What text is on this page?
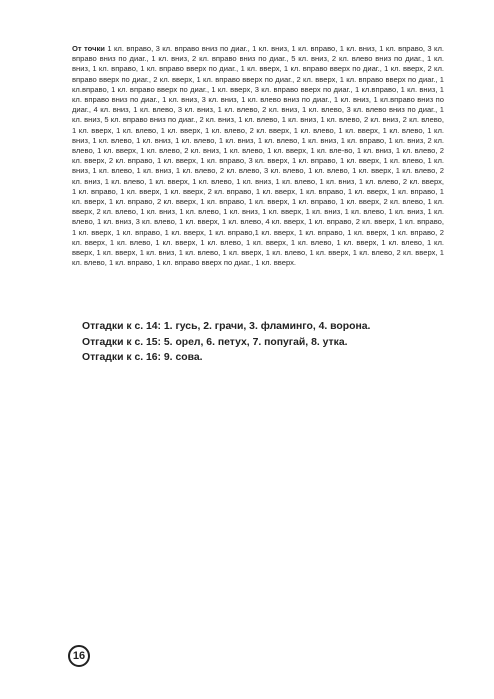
От точки 1 кл. вправо, 3 кл. вправо вниз по диаг., 1 кл. вниз, 1 кл. вправо, 1 кл. вниз, 1 кл. вправо, 3 кл. вправо вниз по диаг., 1 кл. вниз, 2 кл. вправо вниз по диаг., 5 кл. вниз, 2 кл. влево вниз по диаг., 1 кл. вниз, 1 кл. вправо, 1 кл. вправо вверх по диаг., 1 кл. вверх, 1 кл. вправо вверх по диаг., 1 кл. вверх, 2 кл. вправо вверх по диаг., 2 кл. вверх, 1 кл. вправо вверх по диаг., 2 кл. вверх, 1 кл. вправо вверх по диаг., 1 кл.вправо, 1 кл. вправо вверх по диаг., 1 кл. вверх, 3 кл. вправо вверх по диаг., 1 кл.вправо, 1 кл. вниз, 1 кл. вправо вниз по диаг., 1 кл. вниз, 3 кл. вниз, 1 кл. влево вниз по диаг., 1 кл. вниз, 1 кл.вправо вниз по диаг., 4 кл. вниз, 1 кл. влево, 3 кл. вниз, 1 кл. влево, 2 кл. вниз, 1 кл. влево, 3 кл. влево вниз по диаг., 1 кл. вниз, 5 кл. вправо вниз по диаг., 2 кл. вниз, 1 кл. влево, 1 кл. вниз, 1 кл. влево, 2 кл. вниз, 2 кл. влево, 1 кл. вверх, 1 кл. влево, 1 кл. вверх, 1 кл. влево, 2 кл. вверх, 1 кл. влево, 1 кл. вверх, 1 кл. влево, 1 кл. вниз, 1 кл. влево, 1 кл. вниз, 1 кл. влево, 1 кл. вниз, 1 кл. влево, 1 кл. вниз, 1 кл. вправо, 1 кл. вниз, 2 кл. влево, 1 кл. вверх, 1 кл. влево, 2 кл. вниз, 1 кл. влево, 1 кл. вверх, 1 кл. вле-во, 1 кл. вниз, 1 кл. влево, 2 кл. вверх, 2 кл. вправо, 1 кл. вверх, 1 кл. вправо, 3 кл. вверх, 1 кл. вправо, 1 кл. вверх, 1 кл. влево, 1 кл. вниз, 1 кл. влево, 1 кл. вниз, 1 кл. влево, 2 кл. влево, 3 кл. влево, 1 кл. влево, 1 кл. вверх, 1 кл. влево, 2 кл. вниз, 1 кл. влево, 1 кл. вверх, 1 кл. влево, 1 кл. вниз, 1 кл. влево, 1 кл. вниз, 1 кл. влево, 2 кл. вверх, 1 кл. вправо, 1 кл. вверх, 1 кл. вверх, 2 кл. вправо, 1 кл. вверх, 1 кл. вправо, 1 кл. вверх, 1 кл. вправо, 1 кл. вверх, 1 кл. вправо, 2 кл. вверх, 1 кл. вправо, 1 кл. вверх, 1 кл. вправо, 1 кл. вверх, 2 кл. влево, 1 кл. вверх, 2 кл. влево, 1 кл. вниз, 1 кл. влево, 1 кл. вниз, 1 кл. вверх, 1 кл. вниз, 1 кл. влево, 1 кл. вниз, 1 кл. влево, 1 кл. вниз, 3 кл. влево, 1 кл. вверх, 1 кл. влево, 4 кл. вверх, 1 кл. вправо, 2 кл. вверх, 1 кл. вправо, 1 кл. вверх, 1 кл. вправо, 1 кл. вверх, 1 кл. вправо,1 кл. вверх, 1 кл. вправо, 1 кл. вверх, 1 кл. вправо, 2 кл. вверх, 1 кл. влево, 1 кл. вверх, 1 кл. влево, 1 кл. вверх, 1 кл. влево, 1 кл. вверх, 1 кл. влево, 1 кл. вверх, 1 кл. вверх, 1 кл. вниз, 1 кл. влево, 1 кл. вверх, 1 кл. влево, 1 кл. вверх, 1 кл. влево, 2 кл. вверх, 1 кл. влево, 1 кл. вправо, 1 кл. вправо вверх по диаг., 1 кл. вверх.

Отгадки к с. 14: 1. гусь, 2. грачи, 3. фламинго, 4. ворона.
Отгадки к с. 15: 5. орел, 6. петух, 7. попугай, 8. утка.
Отгадки к с. 16: 9. сова.
16
